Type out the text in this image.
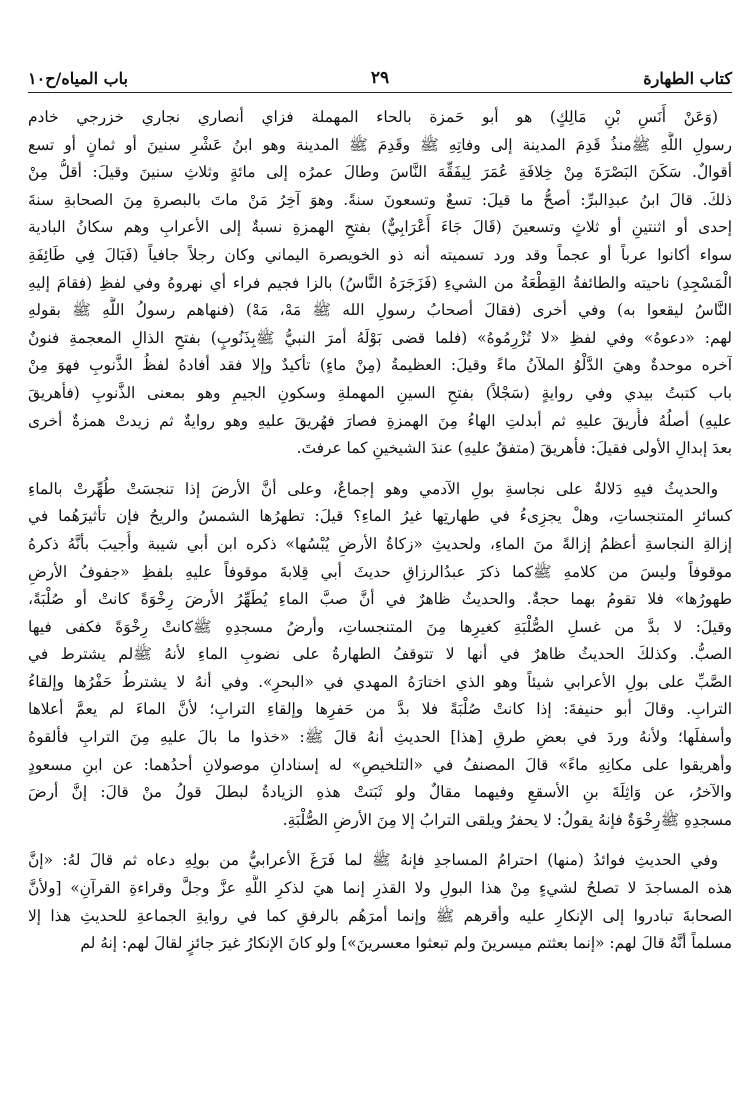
كتاب الطهارة
٢٩
باب المياه/ح١٠
(وَعَنْ أَنَسِ بْنِ مَالِكٍ) هو أبو حَمزة بالحاء المهملة فزاي أنصاري نجاري خزرجي خادم
رسولِ اللَّهِ ﷺمنذُ قَدِمَ المدينة إلى وفاتِهِ ﷺ وقَدِمَ ﷺ المدينة وهو ابنُ عَشْرِ سنينَ أو ثمانٍ أو تسع
أقوالٌ. سَكَنَ البَصْرَةَ مِنْ خِلافَةِ عُمَرَ لِيفَقِّهَ النَّاسَ وطالَ عمرُه إلى مائةٍ وثلاثِ سنينَ وقيلَ: أقلُّ مِنْ
ذلكَ. قالَ ابنُ عبدِالبرِّ: أصحُّ ما قيلَ: تسعٌ وتسعونَ سنةً. وهوَ آخِرُ مَنْ ماتَ بالبصرةِ مِنَ الصحابةِ سنةَ
إحدى أو اثنتينِ أو ثلاثٍ وتسعينَ (قَالَ جَاءَ أَعْرَابِيٌّ) بفتحِ الهمزةِ نسبةٌ إلى الأعرابِ وهم سكانُ البادية
سواء أكانوا عرباً أو عجماً وقد ورد تسميته أنه ذو الخويصرة اليماني وكان رجلاً جافياً (فَبَالَ فِي طَائِفَةِ
الْمَسْجِدِ) ناحيته والطائفةُ القِطْعَةُ من الشيءِ (فَزَجَرَهُ النَّاسُ) بالزا فجيم فراء أي نهروهُ وفي لفظِ (فقامَ إليهِ
النَّاسُ ليقعوا به) وفي أخرى (فقالَ أصحابُ رسولِ الله ﷺ مَهْ، مَهْ) (فنهاهم رسولُ اللَّهِ ﷺ بقولهِ
لهم: «دعوهُ» وفي لفظِ «لا تُزْرِمُوهُ» (فلما قضى بَوْلَهُ أمرَ النبيُّ ﷺبِذَنُوبٍ) بفتحِ الذالِ المعجمةِ فنونٌ
آخره موحدةٌ وهيَ الدَّلْوُ الملآنُ ماءً وقيلَ: العظيمةُ (مِنْ ماءٍ) تأكيدٌ وإلا فقد أفادهُ لفظُ الذَّنوبِ فهوَ مِنْ
باب كتبتُ بيدي وفي روايةٍ (سَجْلاً) بفتحِ السينِ المهملةِ وسكونِ الجيمِ وهو بمعنى الذَّنوبِ (فأهريقَ
عليهِ) أصلُهُ فأُريقَ عليهِ ثم أبدلتِ الهاءُ مِنَ الهمزةِ فصارَ فهُريقَ عليهِ وهو روايةٌ ثم زيدتْ همزةٌ أخرى
بعدَ إبدالِ الأولى فقيلَ: فأهريقَ (متفقٌ عليهِ) عندَ الشيخينِ كما عرفتَ.
والحديثُ فيهِ دَلالةٌ على نجاسةِ بولِ الآدمي وهو إجماعٌ، وعلى أنَّ الأرضَ إذا تنجسَتْ طُهِّرتْ بالماءِ
كسائرِ المتنجساتِ، وهلْ يجزِىءُ في طهارتِها غيرُ الماءِ؟ قيلَ: تطهرُها الشمسُ والريحُ فإن تأثيرَهُما في
إزالةِ النجاسةِ أعظمُ إزالةً منَ الماءِ، ولحديثِ «زكاةُ الأرضِ يُبْسُها» ذكره ابن أبي شيبة وأُجيبَ بأنَّهُ ذكرهُ
موقوفاً وليسَ من كلامهِ ﷺكما ذكرَ عبدُالرزاقِ حديثَ أبي قِلابةَ موقوفاً عليهِ بلفظِ «جفوفُ الأرضِ
طهورُها» فلا تقومُ بهما حجةٌ. والحديثُ ظاهرٌ في أنَّ صبَّ الماءِ يُطَهِّرُ الأرضَ رِخْوَةً كانتْ أو صُلْبَةً،
وقيلَ: لا بدَّ من غسلِ الصُّلْبَةِ كغيرِها مِنَ المتنجساتِ، وأرضُ مسجدِهِ ﷺكانتْ رِخْوَةً فكفى فيها
الصبُّ. وكذلكَ الحديثُ ظاهرٌ في أنها لا تتوقفُ الطهارةُ على نضوبِ الماءِ لأنهُ ﷺلم يشترط في
الصَّبِّ على بولِ الأعرابي شيئاً وهو الذي اختارَهُ المهدي في «البحرِ». وفي أنهُ لا يشترطُ حَفْرُها وإلقاءُ
الترابِ. وقالَ أبو حنيفةَ: إذا كانتْ صُلْبَةً فلا بدَّ من حَفرِها وإلقاءِ الترابِ؛ لأنَّ الماءَ لم يعمَّ أعلاها
وأسفلَها؛ ولأنهُ وردَ في بعضِ طرقِ [هذا] الحديثِ أنهُ قالَ ﷺ: «خذوا ما بالَ عليهِ مِنَ الترابِ فألقوهُ
وأهريقوا على مكانِهِ ماءً» قالَ المصنفُ في «التلخيصِ» له إسنادانِ موصولانِ أحدُهما: عن ابنِ مسعودٍ
والآخرُ، عن وَاثِلَةَ بنِ الأسقعِ وفيهما مقالٌ ولو ثَبَتتْ هذهِ الزيادةُ لبطلَ قولُ منْ قالَ: إنَّ أرضَ
مسجدِهِ ﷺرِخْوَةٌ فإنهُ يقولُ: لا يحفرُ ويلقى الترابُ إلا مِنَ الأرضِ الصُّلْبَةِ.
وفي الحديثِ فوائدُ (منها) احترامُ المساجدِ فإنهُ ﷺ لما فَرَغَ الأعرابيُّ من بولِهِ دعاه ثم قالَ لهُ: «إنَّ
هذه المساجدَ لا تصلحُ لشيءٍ مِنْ هذا البولِ ولا القذرِ إنما هيَ لذكرِ اللَّهِ عزَّ وجلَّ وقراءةِ القرآنِ» [ولأنَّ
الصحابةَ تبادروا إلى الإنكارِ عليه وأقرهم ﷺ وإنما أمرَهُم بالرفقِ كما في روايةِ الجماعةِ للحديثِ هذا إلا
مسلماً أنَّهُ قالَ لهم: «إنما بعثتم ميسرينَ ولم تبعثوا معسرينَ»] ولو كانَ الإنكارُ غيرَ جائزٍ لقالَ لهم: إنهُ لم
